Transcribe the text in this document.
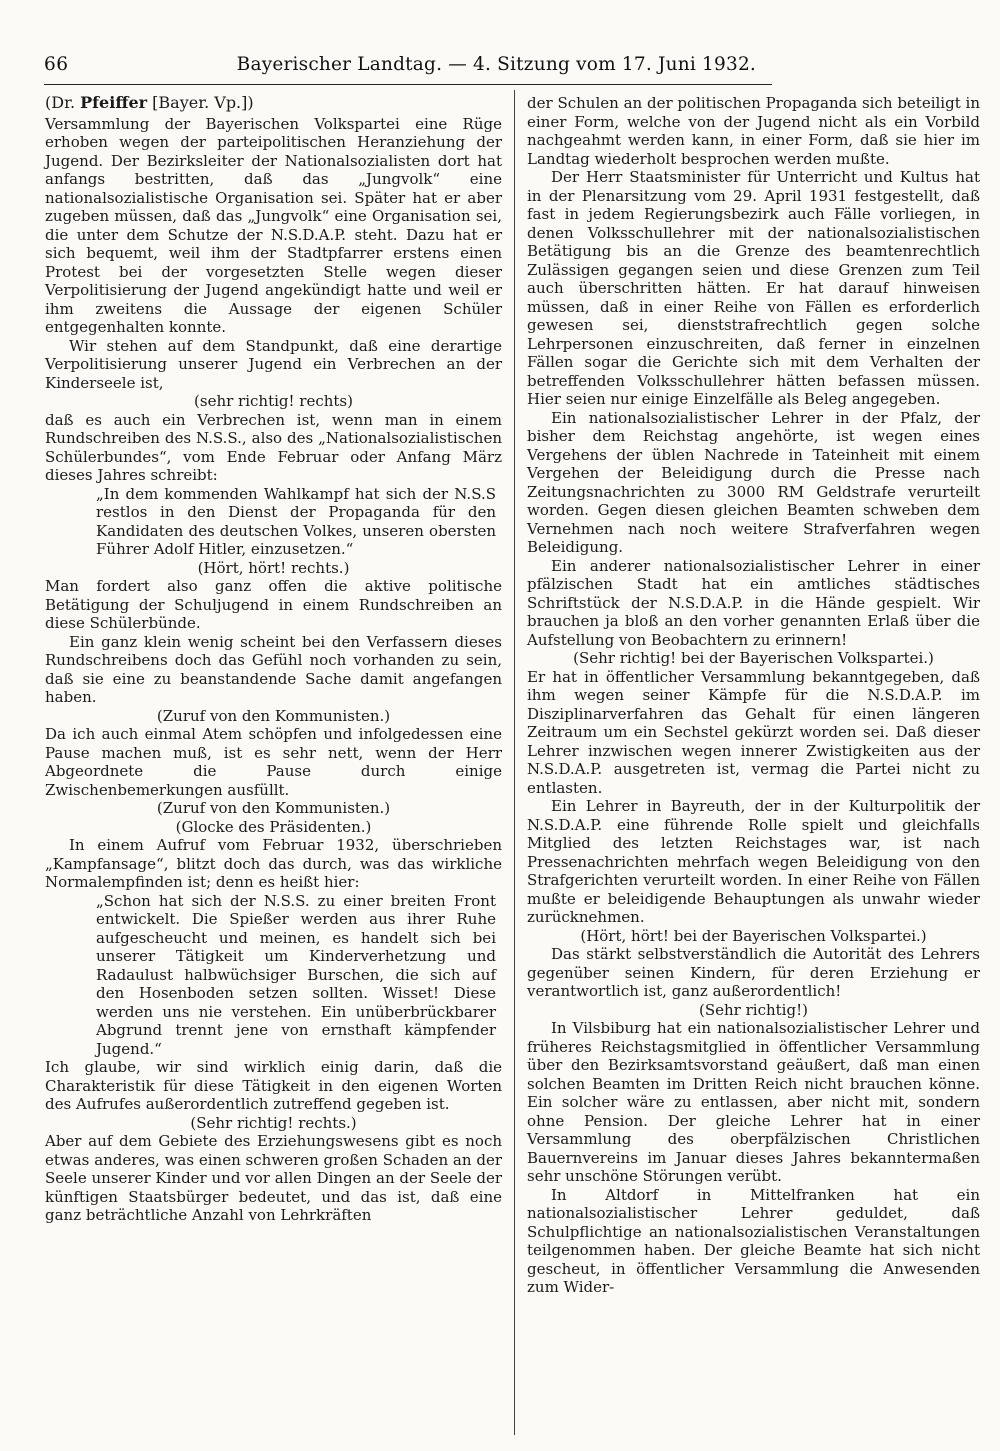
66	Bayerischer Landtag. — 4. Sitzung vom 17. Juni 1932.

(Dr. Pfeiffer [Bayer. Vp.])

Versammlung der Bayerischen Volkspartei eine Rüge erhoben wegen der parteipolitischen Heranziehung der Jugend. Der Bezirksleiter der Nationalsozialisten dort hat anfangs bestritten, daß das „Jungvolk“ eine nationalsozialistische Organisation sei. Später hat er aber zugeben müssen, daß das „Jungvolk“ eine Organisation sei, die unter dem Schutze der N.S.D.A.P. steht. Dazu hat er sich bequemt, weil ihm der Stadtpfarrer erstens einen Protest bei der vorgesetzten Stelle wegen dieser Verpolitisierung der Jugend angekündigt hatte und weil er ihm zweitens die Aussage der eigenen Schüler entgegenhalten konnte.

Wir stehen auf dem Standpunkt, daß eine derartige Verpolitisierung unserer Jugend ein Verbrechen an der Kinderseele ist,

(sehr richtig! rechts)

daß es auch ein Verbrechen ist, wenn man in einem Rundschreiben des N.S.S., also des „Nationalsozialistischen Schülerbundes“, vom Ende Februar oder Anfang März dieses Jahres schreibt:

„In dem kommenden Wahlkampf hat sich der N.S.S restlos in den Dienst der Propaganda für den Kandidaten des deutschen Volkes, unseren obersten Führer Adolf Hitler, einzusetzen.“

(Hört, hört! rechts.)

Man fordert also ganz offen die aktive politische Betätigung der Schuljugend in einem Rundschreiben an diese Schülerbünde.

Ein ganz klein wenig scheint bei den Verfassern dieses Rundschreibens doch das Gefühl noch vorhanden zu sein, daß sie eine zu beanstandende Sache damit angefangen haben.

(Zuruf von den Kommunisten.)

Da ich auch einmal Atem schöpfen und infolgedessen eine Pause machen muß, ist es sehr nett, wenn der Herr Abgeordnete die Pause durch einige Zwischenbemerkungen ausfüllt.

(Zuruf von den Kommunisten.)

(Glocke des Präsidenten.)

In einem Aufruf vom Februar 1932, überschrieben „Kampfansage“, blitzt doch das durch, was das wirkliche Normalempfinden ist; denn es heißt hier:

„Schon hat sich der N.S.S. zu einer breiten Front entwickelt. Die Spießer werden aus ihrer Ruhe aufgescheucht und meinen, es handelt sich bei unserer Tätigkeit um Kinderverhetzung und Radaulust halbwüchsiger Burschen, die sich auf den Hosenboden setzen sollten. Wisset! Diese werden uns nie verstehen. Ein unüberbrückbarer Abgrund trennt jene von ernsthaft kämpfender Jugend.“

Ich glaube, wir sind wirklich einig darin, daß die Charakteristik für diese Tätigkeit in den eigenen Worten des Aufrufes außerordentlich zutreffend gegeben ist.

(Sehr richtig! rechts.)

Aber auf dem Gebiete des Erziehungswesens gibt es noch etwas anderes, was einen schweren großen Schaden an der Seele unserer Kinder und vor allen Dingen an der Seele der künftigen Staatsbürger bedeutet, und das ist, daß eine ganz beträchtliche Anzahl von Lehrkräften

der Schulen an der politischen Propaganda sich beteiligt in einer Form, welche von der Jugend nicht als ein Vorbild nachgeahmt werden kann, in einer Form, daß sie hier im Landtag wiederholt besprochen werden mußte.

Der Herr Staatsminister für Unterricht und Kultus hat in der Plenarsitzung vom 29. April 1931 festgestellt, daß fast in jedem Regierungsbezirk auch Fälle vorliegen, in denen Volksschullehrer mit der nationalsozialistischen Betätigung bis an die Grenze des beamtenrechtlich Zulässigen gegangen seien und diese Grenzen zum Teil auch überschritten hätten. Er hat darauf hinweisen müssen, daß in einer Reihe von Fällen es erforderlich gewesen sei, dienststrafrechtlich gegen solche Lehrpersonen einzuschreiten, daß ferner in einzelnen Fällen sogar die Gerichte sich mit dem Verhalten der betreffenden Volksschullehrer hätten befassen müssen. Hier seien nur einige Einzelfälle als Beleg angegeben.

Ein nationalsozialistischer Lehrer in der Pfalz, der bisher dem Reichstag angehörte, ist wegen eines Vergehens der üblen Nachrede in Tateinheit mit einem Vergehen der Beleidigung durch die Presse nach Zeitungsnachrichten zu 3000 RM Geldstrafe verurteilt worden. Gegen diesen gleichen Beamten schweben dem Vernehmen nach noch weitere Strafverfahren wegen Beleidigung.

Ein anderer nationalsozialistischer Lehrer in einer pfälzischen Stadt hat ein amtliches städtisches Schriftstück der N.S.D.A.P. in die Hände gespielt. Wir brauchen ja bloß an den vorher genannten Erlaß über die Aufstellung von Beobachtern zu erinnern!

(Sehr richtig! bei der Bayerischen Volkspartei.)

Er hat in öffentlicher Versammlung bekanntgegeben, daß ihm wegen seiner Kämpfe für die N.S.D.A.P. im Disziplinarverfahren das Gehalt für einen längeren Zeitraum um ein Sechstel gekürzt worden sei. Daß dieser Lehrer inzwischen wegen innerer Zwistigkeiten aus der N.S.D.A.P. ausgetreten ist, vermag die Partei nicht zu entlasten.

Ein Lehrer in Bayreuth, der in der Kulturpolitik der N.S.D.A.P. eine führende Rolle spielt und gleichfalls Mitglied des letzten Reichstages war, ist nach Pressenachrichten mehrfach wegen Beleidigung von den Strafgerichten verurteilt worden. In einer Reihe von Fällen mußte er beleidigende Behauptungen als unwahr wieder zurücknehmen.

(Hört, hört! bei der Bayerischen Volkspartei.)

Das stärkt selbstverständlich die Autorität des Lehrers gegenüber seinen Kindern, für deren Erziehung er verantwortlich ist, ganz außerordentlich!

(Sehr richtig!)

In Vilsbiburg hat ein nationalsozialistischer Lehrer und früheres Reichstagsmitglied in öffentlicher Versammlung über den Bezirksamtsvorstand geäußert, daß man einen solchen Beamten im Dritten Reich nicht brauchen könne. Ein solcher wäre zu entlassen, aber nicht mit, sondern ohne Pension. Der gleiche Lehrer hat in einer Versammlung des oberpfälzischen Christlichen Bauernvereins im Januar dieses Jahres bekanntermaßen sehr unschöne Störungen verübt.

In Altdorf in Mittelfranken hat ein nationalsozialistischer Lehrer geduldet, daß Schulpflichtige an nationalsozialistischen Veranstaltungen teilgenommen haben. Der gleiche Beamte hat sich nicht gescheut, in öffentlicher Versammlung die Anwesenden zum Wider-
